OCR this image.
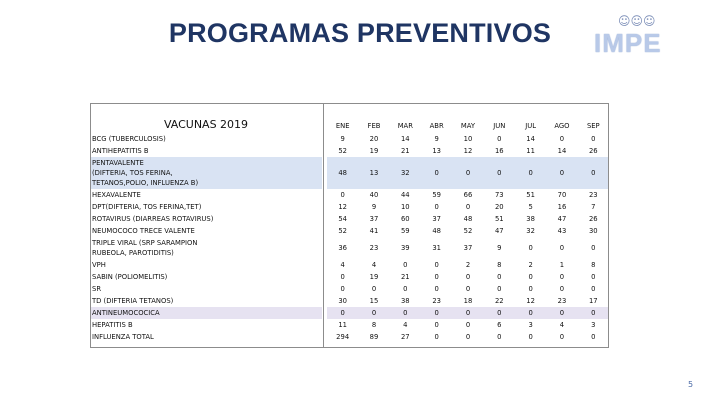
PROGRAMAS PREVENTIVOS	☺☺☺
IMPE
VACUNAS 2019		ENE	FEB	MAR	ABR	MAY	JUN	JUL	AGO	SEP

BCG (TUBERCULOSIS)		9	20	14	9	10	0	14	0	0

ANTIHEPATITIS B		52	19	21	13	12	16	11	14	26

PENTAVALENTE
(DIFTERIA, TOS FERINA,
TETANOS,POLIO, INFLUENZA B)		48	13	32	0	0	0	0	0	0

HEXAVALENTE		0	40	44	59	66	73	51	70	23

DPT(DIFTERIA, TOS FERINA,TET)		12	9	10	0	0	20	5	16	7

ROTAVIRUS (DIARREAS ROTAVIRUS)		54	37	60	37	48	51	38	47	26

NEUMOCOCO TRECE VALENTE		52	41	59	48	52	47	32	43	30

TRIPLE VIRAL (SRP SARAMPION
RUBEOLA, PAROTIDITIS)		36	23	39	31	37	9	0	0	0

VPH		4	4	0	0	2	8	2	1	8

SABIN (POLIOMELITIS)		0	19	21	0	0	0	0	0	0

SR		0	0	0	0	0	0	0	0	0

TD (DIFTERIA TETANOS)		30	15	38	23	18	22	12	23	17

ANTINEUMOCOCICA		0	0	0	0	0	0	0	0	0

HEPATITIS B		11	8	4	0	0	6	3	4	3

INFLUENZA TOTAL		294	89	27	0	0	0	0	0	0
5
